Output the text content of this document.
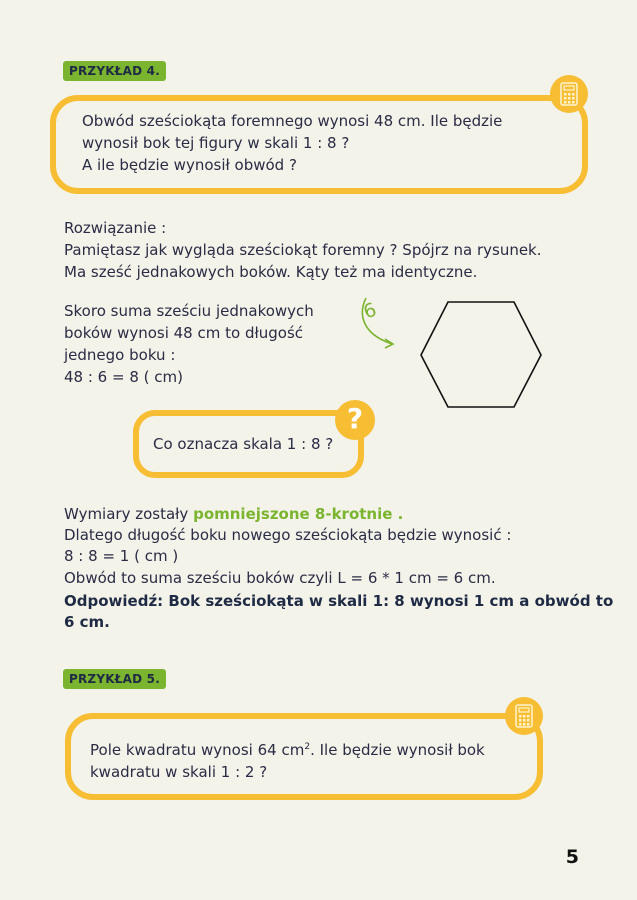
PRZYKŁAD 4.
Obwód sześciokąta foremnego wynosi 48 cm. Ile będzie
wynosił bok tej figury w skali 1 : 8 ?
A ile będzie wynosił obwód ?
Rozwiązanie :
Pamiętasz jak wygląda sześciokąt foremny ? Spójrz na rysunek.
Ma sześć jednakowych boków. Kąty też ma identyczne.
Skoro suma sześciu jednakowych
boków wynosi 48 cm to długość
jednego boku :
48 : 6 = 8 ( cm)
6
?
Co oznacza skala 1 : 8 ?
Wymiary zostały pomniejszone 8-krotnie .
Dlatego długość boku nowego sześciokąta będzie wynosić :
8 : 8 = 1 ( cm )
Obwód to suma sześciu boków czyli L = 6 * 1 cm = 6 cm.
Odpowiedź: Bok sześciokąta w skali 1: 8 wynosi 1 cm a obwód to
6 cm.
PRZYKŁAD 5.
Pole kwadratu wynosi 64 $cm^2$. Ile będzie wynosił bok
kwadratu w skali 1 : 2 ?
5
